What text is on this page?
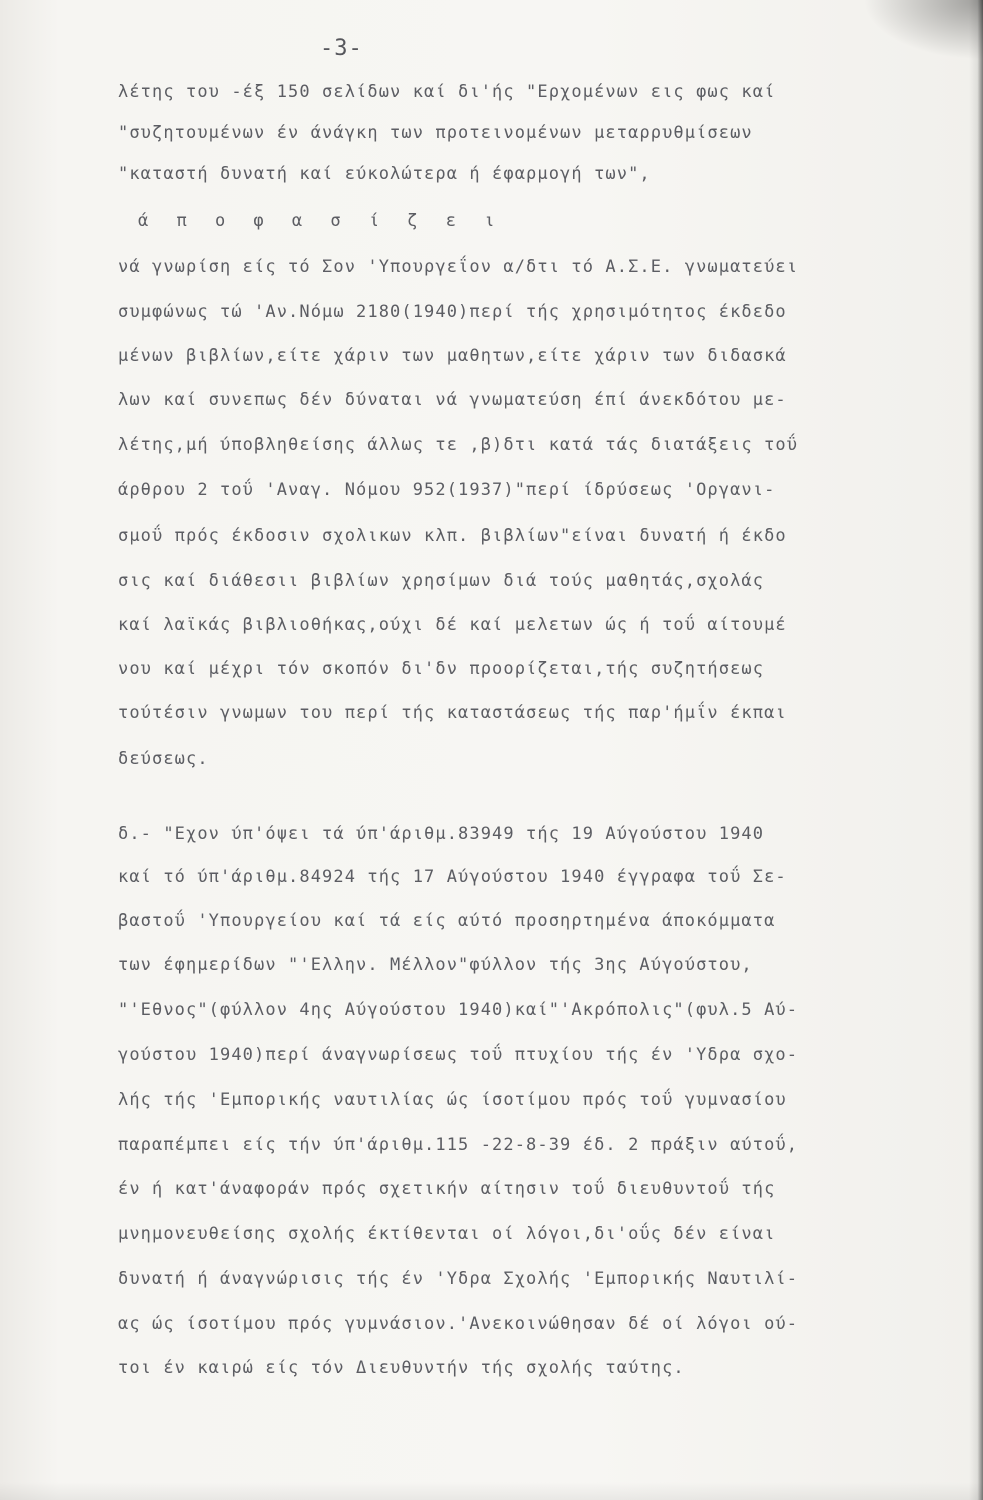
-3-
λέτης του -έξ 150 σελίδων καί δι'ής "Ερχομένων εις φως καί
"συζητουμένων έν άνάγκη των προτεινομένων μεταρρυθμίσεων
"καταστή δυνατή καί εύκολώτερα ή έφαρμογή των",
ά π ο φ α σ ί ζ ε ι
νά γνωρίση είς τό Σον 'Υπουργεΐον α/δτι τό Α.Σ.Ε. γνωματεύει
συμφώνως τώ 'Αν.Νόμω 2180(1940)περί τής χρησιμότητος έκδεδο
μένων βιβλίων,είτε χάριν των μαθητων,είτε χάριν των διδασκά
λων καί συνεπως δέν δύναται νά γνωματεύση έπί άνεκδότου με-
λέτης,μή ύποβληθείσης άλλως τε ,β)δτι κατά τάς διατάξεις τοΰ
άρθρου 2 τοΰ 'Αναγ. Νόμου 952(1937)"περί ίδρύσεως 'Οργανι-
σμοΰ πρός έκδοσιν σχολικων κλπ. βιβλίων"είναι δυνατή ή έκδο
σις καί διάθεσιι βιβλίων χρησίμων διά τούς μαθητάς,σχολάς
καί λαϊκάς βιβλιοθήκας,ούχι δέ καί μελετων ώς ή τοΰ αίτουμέ
νου καί μέχρι τόν σκοπόν δι'δν προορίζεται,τής συζητήσεως
τούτέσιν γνωμων του περί τής καταστάσεως τής παρ'ήμΐν έκπαι
δεύσεως.
δ.- "Εχον ύπ'όψει τά ύπ'άριθμ.83949 τής 19 Αύγούστου 1940
καί τό ύπ'άριθμ.84924 τής 17 Αύγούστου 1940 έγγραφα τοΰ Σε-
βαστοΰ 'Υπουργείου καί τά είς αύτό προσηρτημένα άποκόμματα
των έφημερίδων "'Ελλην. Μέλλον"φύλλον τής 3ης Αύγούστου,
"'Εθνος"(φύλλον 4ης Αύγούστου 1940)καί"'Ακρόπολις"(φυλ.5 Αύ-
γούστου 1940)περί άναγνωρίσεως τοΰ πτυχίου τής έν 'Υδρα σχο-
λής τής 'Εμπορικής ναυτιλίας ώς ίσοτίμου πρός τοΰ γυμνασίου
παραπέμπει είς τήν ύπ'άριθμ.115 -22-8-39 έδ. 2 πράξιν αύτοΰ,
έν ή κατ'άναφοράν πρός σχετικήν αίτησιν τοΰ διευθυντοΰ τής
μνημονευθείσης σχολής έκτίθενται οί λόγοι,δι'οΰς δέν είναι
δυνατή ή άναγνώρισις τής έν 'Υδρα Σχολής 'Εμπορικής Ναυτιλί-
ας ώς ίσοτίμου πρός γυμνάσιον.'Ανεκοινώθησαν δέ οί λόγοι ού-
τοι έν καιρώ είς τόν Διευθυντήν τής σχολής ταύτης.
